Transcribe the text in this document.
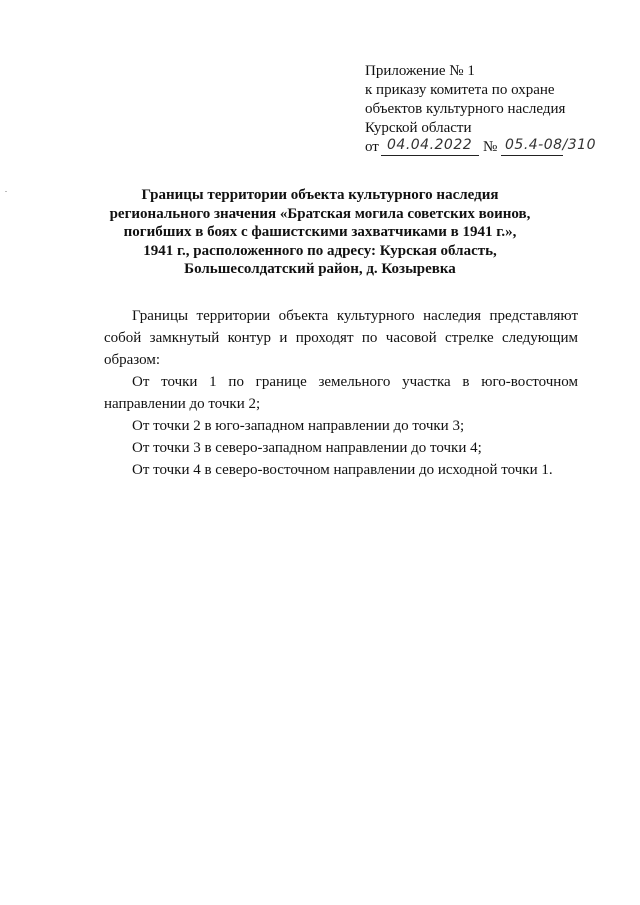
Приложение № 1
к приказу комитета по охране
объектов культурного наследия
Курской области
от 04.04.2022 № 05.4-08/310
Границы территории объекта культурного наследия
регионального значения «Братская могила советских воинов,
погибших в боях с фашистскими захватчиками в 1941 г.»,
1941 г., расположенного по адресу: Курская область,
Большесолдатский район, д. Козыревка

Границы территории объекта культурного наследия представляют собой замкнутый контур и проходят по часовой стрелке следующим образом:

От точки 1 по границе земельного участка в юго-восточном направлении до точки 2;

От точки 2 в юго-западном направлении до точки 3;

От точки 3 в северо-западном направлении до точки 4;

От точки 4 в северо-восточном направлении до исходной точки 1.
